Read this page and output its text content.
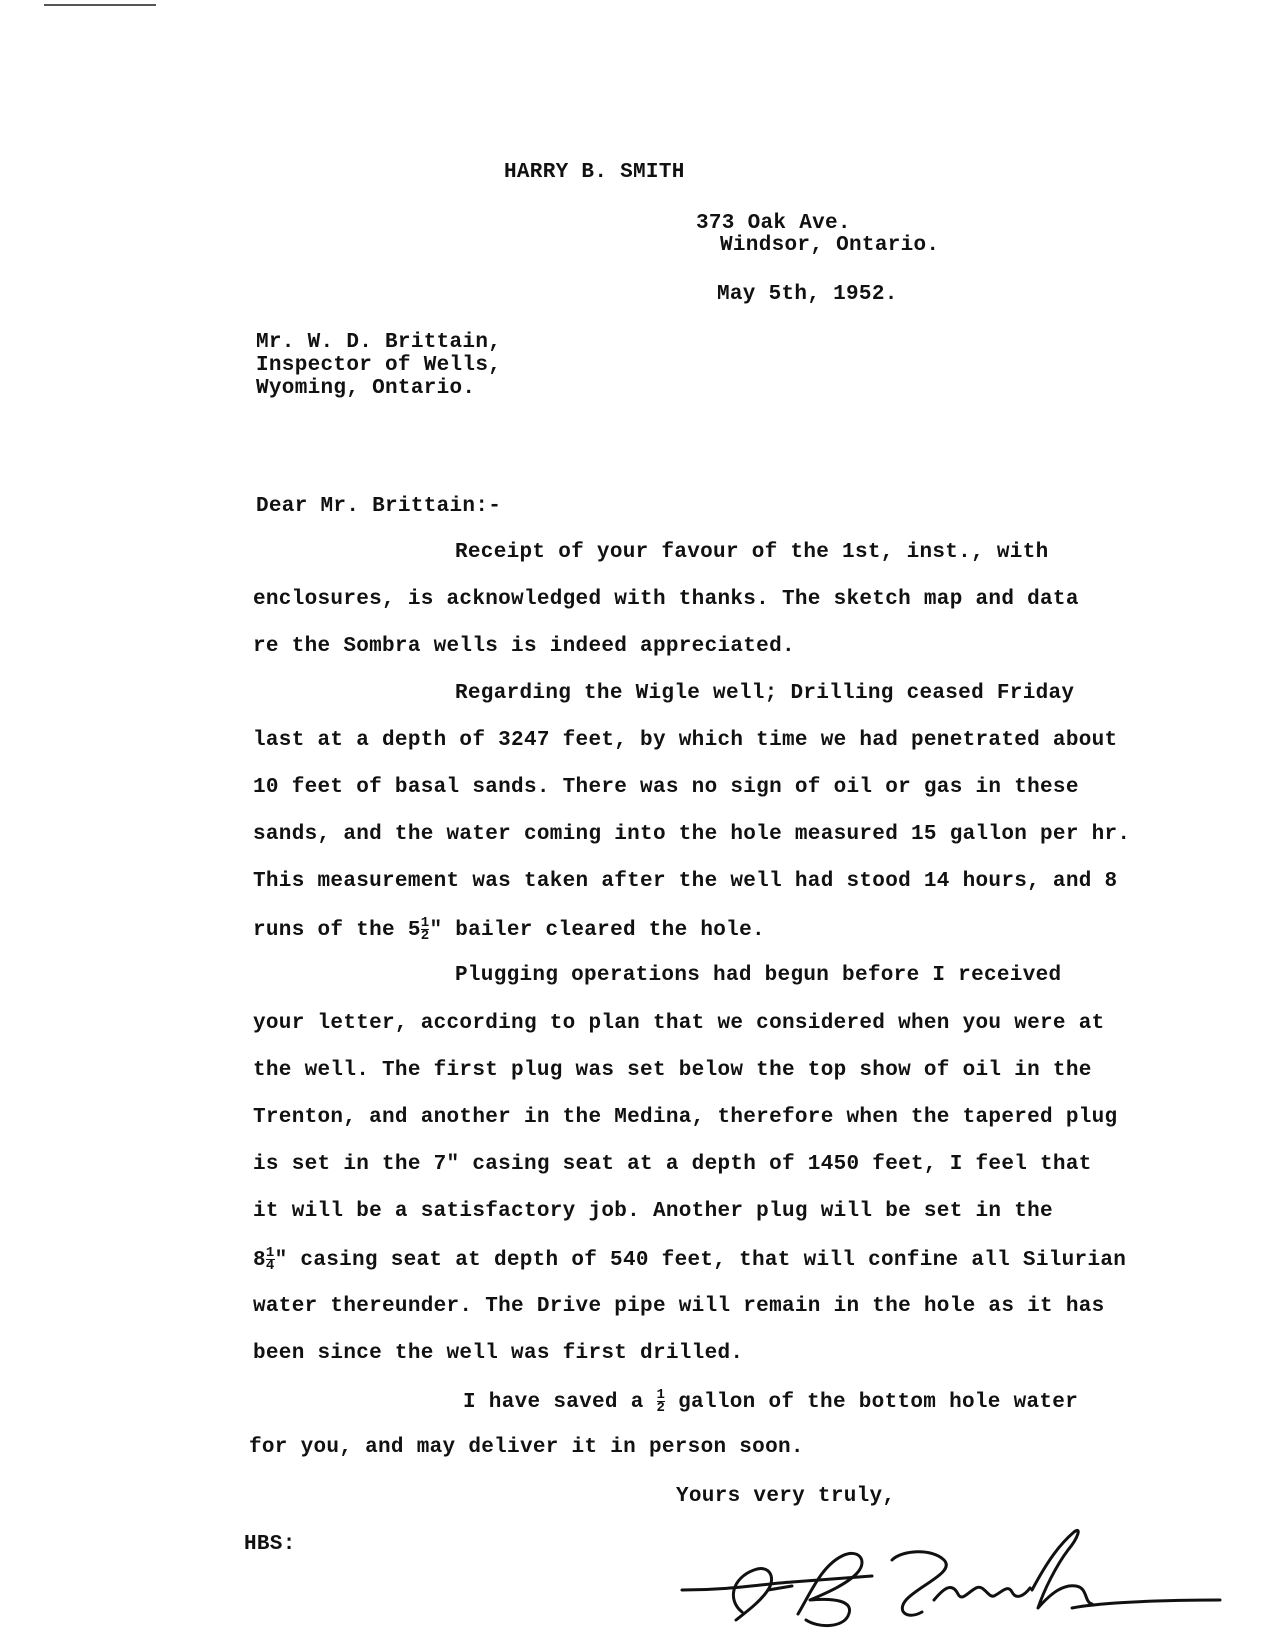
HARRY B. SMITH
373 Oak Ave.
Windsor, Ontario.
May 5th, 1952.
Mr. W. D. Brittain,
Inspector of Wells,
Wyoming, Ontario.
Dear Mr. Brittain:-
Receipt of your favour of the 1st, inst., with
enclosures, is acknowledged with thanks. The sketch map and data
re the Sombra wells is indeed appreciated.
Regarding the Wigle well; Drilling ceased Friday
last at a depth of 3247 feet, by which time we had penetrated about
10 feet of basal sands. There was no sign of oil or gas in these
sands, and the water coming into the hole measured 15 gallon per hr.
This measurement was taken after the well had stood 14 hours, and 8
runs of the $5 \frac{1}{2}$ " bailer cleared the hole.
Plugging operations had begun before I received
your letter, according to plan that we considered when you were at
the well. The first plug was set below the top show of oil in the
Trenton, and another in the Medina, therefore when the tapered plug
is set in the 7" casing seat at a depth of 1450 feet, I feel that
it will be a satisfactory job. Another plug will be set in the
$8 \frac{1}{4}$ " casing seat at depth of 540 feet, that will confine all Silurian
water thereunder. The Drive pipe will remain in the hole as it has
been since the well was first drilled.
I have saved a $\frac{1}{2}$ gallon of the bottom hole water
for you, and may deliver it in person soon.
Yours very truly,
HBS:
